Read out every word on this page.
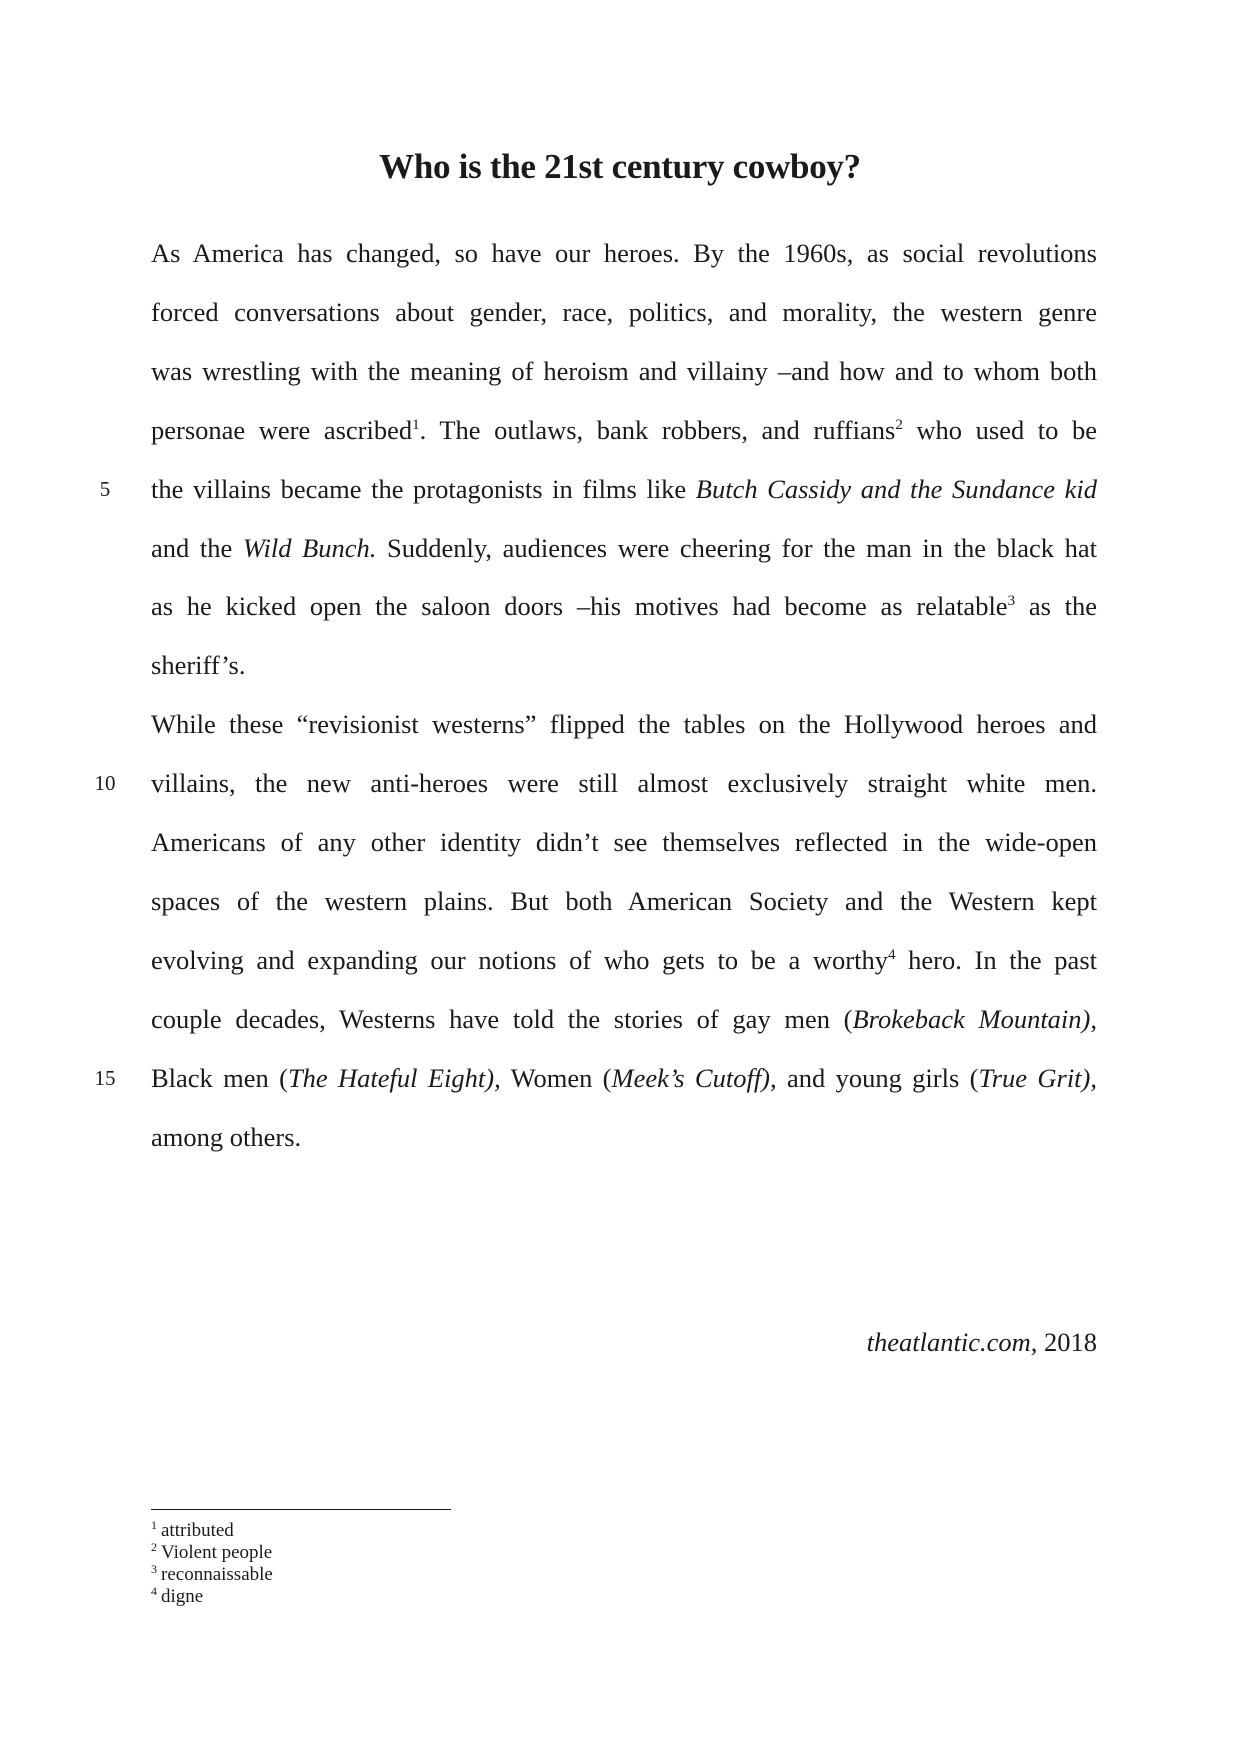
Who is the 21st century cowboy?
As America has changed, so have our heroes. By the 1960s, as social revolutions
forced conversations about gender, race, politics, and morality, the western genre
was wrestling with the meaning of heroism and villainy –and how and to whom both
personae were ascribed$^1$. The outlaws, bank robbers, and ruffians$^2$ who used to be
the villains became the protagonists in films like Butch Cassidy and the Sundance kid
5
and the Wild Bunch. Suddenly, audiences were cheering for the man in the black hat
as he kicked open the saloon doors –his motives had become as relatable$^3$ as the
sheriff’s.
While these “revisionist westerns” flipped the tables on the Hollywood heroes and
villains, the new anti-heroes were still almost exclusively straight white men.
10
Americans of any other identity didn’t see themselves reflected in the wide-open
spaces of the western plains. But both American Society and the Western kept
evolving and expanding our notions of who gets to be a worthy$^4$ hero. In the past
couple decades, Westerns have told the stories of gay men (Brokeback Mountain),
Black men (The Hateful Eight), Women (Meek’s Cutoff), and young girls (True Grit),
15
among others.
theatlantic.com, 2018
$^1$ attributed
$^2$ Violent people
$^3$ reconnaissable
$^4$ digne
